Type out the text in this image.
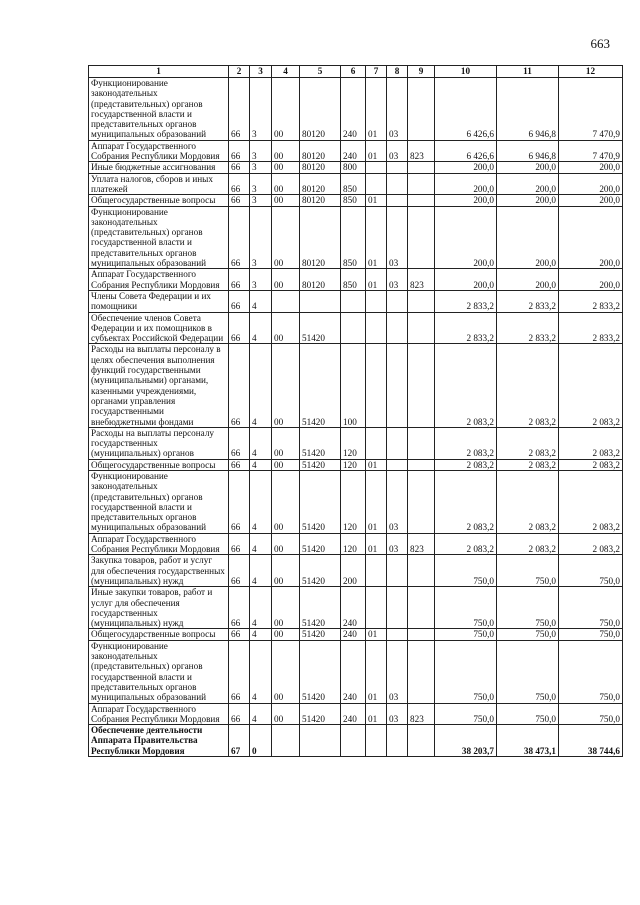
663
1	2	3	4	5	6	7	8	9	10	11	12
Функционирование законодательных (представительных) органов государственной власти и представительных органов муниципальных образований	66	3	00	80120	240	01	03		6 426,6	6 946,8	7 470,9
Аппарат Государственного Собрания Республики Мордовия	66	3	00	80120	240	01	03	823	6 426,6	6 946,8	7 470,9
Иные бюджетные ассигнования	66	3	00	80120	800				200,0	200,0	200,0
Уплата налогов, сборов и иных платежей	66	3	00	80120	850				200,0	200,0	200,0
Общегосударственные вопросы	66	3	00	80120	850	01			200,0	200,0	200,0
Функционирование законодательных (представительных) органов государственной власти и представительных органов муниципальных образований	66	3	00	80120	850	01	03		200,0	200,0	200,0
Аппарат Государственного Собрания Республики Мордовия	66	3	00	80120	850	01	03	823	200,0	200,0	200,0
Члены Совета Федерации и их помощники	66	4							2 833,2	2 833,2	2 833,2
Обеспечение членов Совета Федерации и их помощников в субъектах Российской Федерации	66	4	00	51420					2 833,2	2 833,2	2 833,2
Расходы на выплаты персоналу в целях обеспечения выполнения функций государственными (муниципальными) органами, казенными учреждениями, органами управления государственными внебюджетными фондами	66	4	00	51420	100				2 083,2	2 083,2	2 083,2
Расходы на выплаты персоналу государственных (муниципальных) органов	66	4	00	51420	120				2 083,2	2 083,2	2 083,2
Общегосударственные вопросы	66	4	00	51420	120	01			2 083,2	2 083,2	2 083,2
Функционирование законодательных (представительных) органов государственной власти и представительных органов муниципальных образований	66	4	00	51420	120	01	03		2 083,2	2 083,2	2 083,2
Аппарат Государственного Собрания Республики Мордовия	66	4	00	51420	120	01	03	823	2 083,2	2 083,2	2 083,2
Закупка товаров, работ и услуг для обеспечения государственных (муниципальных) нужд	66	4	00	51420	200				750,0	750,0	750,0
Иные закупки товаров, работ и услуг для обеспечения государственных (муниципальных) нужд	66	4	00	51420	240				750,0	750,0	750,0
Общегосударственные вопросы	66	4	00	51420	240	01			750,0	750,0	750,0
Функционирование законодательных (представительных) органов государственной власти и представительных органов муниципальных образований	66	4	00	51420	240	01	03		750,0	750,0	750,0
Аппарат Государственного Собрания Республики Мордовия	66	4	00	51420	240	01	03	823	750,0	750,0	750,0
Обеспечение деятельности Аппарата Правительства Республики Мордовия	67	0							38 203,7	38 473,1	38 744,6
